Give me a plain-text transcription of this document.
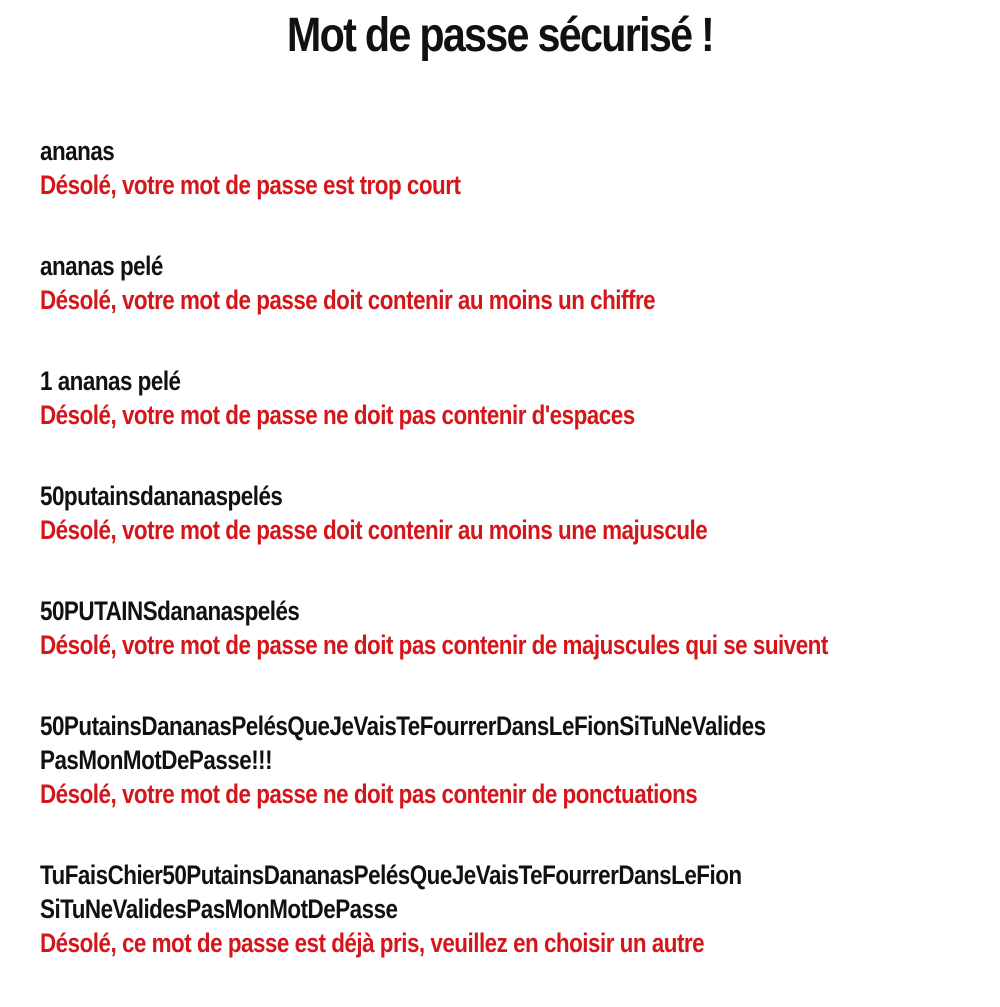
Mot de passe sécurisé !
ananas
Désolé, votre mot de passe est trop court
ananas pelé
Désolé, votre mot de passe doit contenir au moins un chiffre
1 ananas pelé
Désolé, votre mot de passe ne doit pas contenir d'espaces
50putainsdananaspelés
Désolé, votre mot de passe doit contenir au moins une majuscule
50PUTAINSdananaspelés
Désolé, votre mot de passe ne doit pas contenir de majuscules qui se suivent
50PutainsDananasPelésQueJeVaisTeFourrerDansLeFionSiTuNeValides
PasMonMotDePasse!!!
Désolé, votre mot de passe ne doit pas contenir de ponctuations
TuFaisChier50PutainsDananasPelésQueJeVaisTeFourrerDansLeFion
SiTuNeValidesPasMonMotDePasse
Désolé, ce mot de passe est déjà pris, veuillez en choisir un autre
